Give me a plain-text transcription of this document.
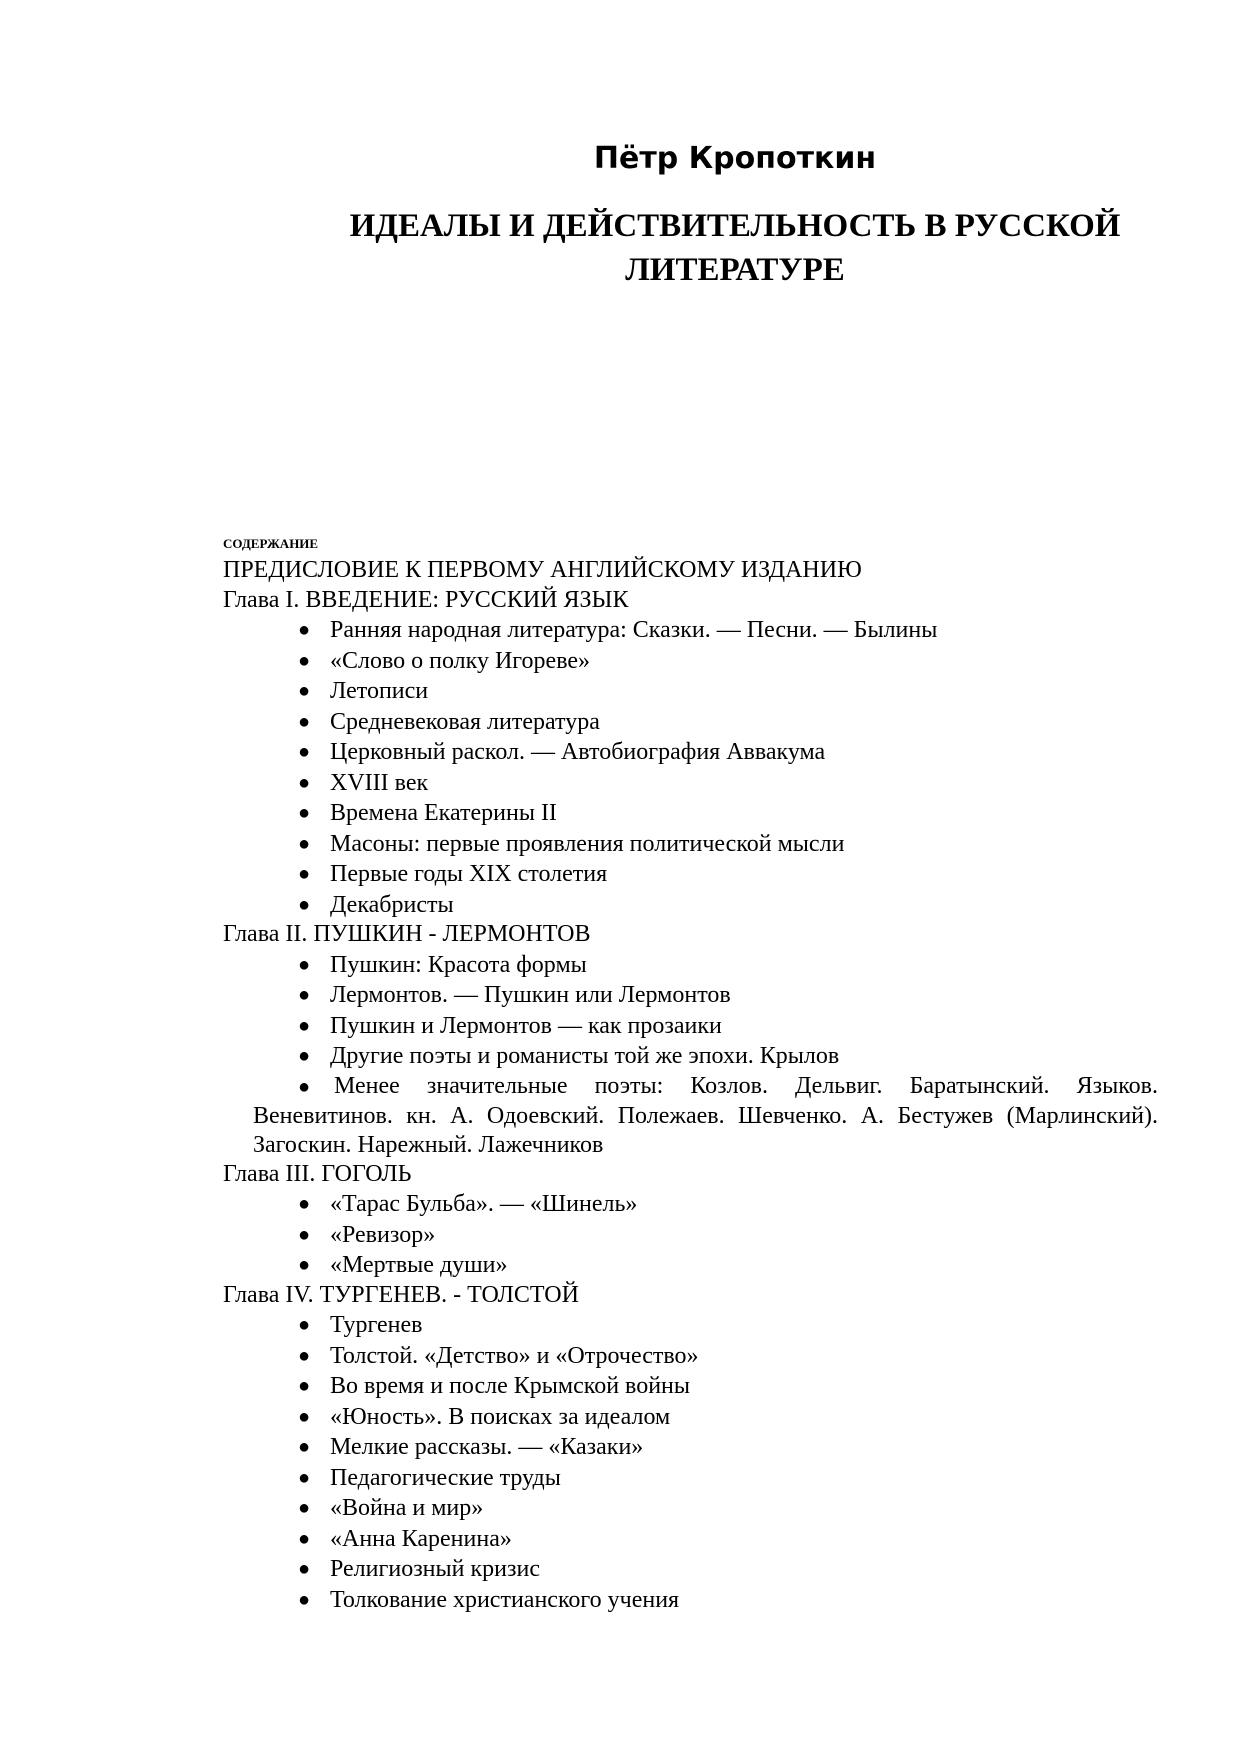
Пётр Кропоткин
ИДЕАЛЫ И ДЕЙСТВИТЕЛЬНОСТЬ В РУССКОЙ
ЛИТЕРАТУРЕ
СОДЕРЖАНИЕ
ПРЕДИСЛОВИЕ К ПЕРВОМУ АНГЛИЙСКОМУ ИЗДАНИЮ
Глава I. ВВЕДЕНИЕ: РУССКИЙ ЯЗЫК
● Ранняя народная литература: Сказки. — Песни. — Былины
● «Слово о полку Игореве»
● Летописи
● Средневековая литература
● Церковный раскол. — Автобиография Аввакума
● XVIII век
● Времена Екатерины II
● Масоны: первые проявления политической мысли
● Первые годы XIX столетия
● Декабристы
Глава II. ПУШКИН - ЛЕРМОНТОВ
● Пушкин: Красота формы
● Лермонтов. — Пушкин или Лермонтов
● Пушкин и Лермонтов — как прозаики
● Другие поэты и романисты той же эпохи. Крылов
● Менее значительные поэты: Козлов. Дельвиг. Баратынский. Языков. Веневитинов. кн. А. Одоевский. Полежаев. Шевченко. А. Бестужев (Марлинский). Загоскин. Нарежный. Лажечников
Глава III. ГОГОЛЬ
● «Тарас Бульба». — «Шинель»
● «Ревизор»
● «Мертвые души»
Глава IV. ТУРГЕНЕВ. - ТОЛСТОЙ
● Тургенев
● Толстой. «Детство» и «Отрочество»
● Во время и после Крымской войны
● «Юность». В поисках за идеалом
● Мелкие рассказы. — «Казаки»
● Педагогические труды
● «Война и мир»
● «Анна Каренина»
● Религиозный кризис
● Толкование христианского учения
